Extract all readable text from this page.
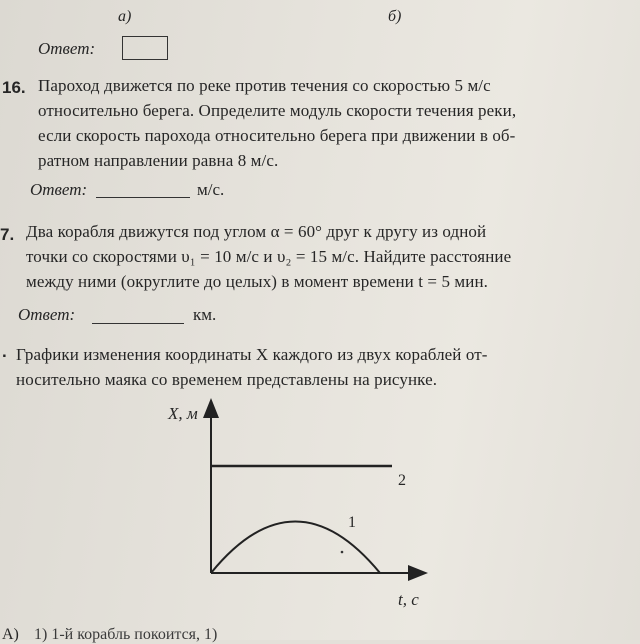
а)	б)
Ответ:
16. Пароход движется по реке против течения со скоростью 5 м/с
относительно берега. Определите модуль скорости течения реки,
если скорость парохода относительно берега при движении в об-
ратном направлении равна 8 м/с.
Ответ:	м/с.
7. Два корабля движутся под углом α = 60° друг к другу из одной
точки со скоростями υ₁ = 10 м/с и υ₂ = 15 м/с. Найдите расстояние
между ними (округлите до целых) в момент времени t = 5 мин.
Ответ:	км.
. Графики изменения координаты X каждого из двух кораблей от-
носительно маяка со временем представлены на рисунке.
X, м
t, c
2
1
А) 1) 1-й корабль покоится, 1)
